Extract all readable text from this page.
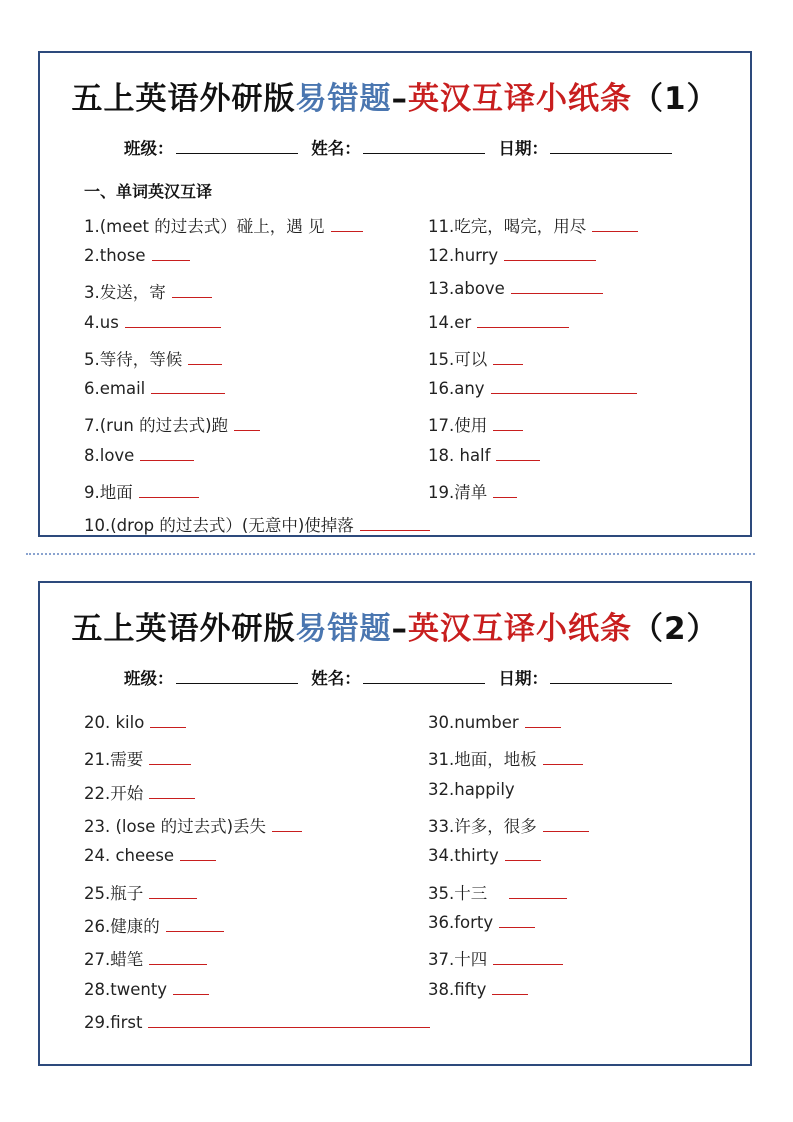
五上英语外研版易错题–英汉互译小纸条（1）
班级：	姓名：	日期：
一、单词英汉互译
1.(meet 的过去式）碰上，遇 见
2.those
3.发送，寄
4.us
5.等待，等候
6.email
7.(run 的过去式)跑
8.love
9.地面
10.(drop 的过去式）(无意中)使掉落
11.吃完，喝完，用尽
12.hurry
13.above
14.er
15.可以
16.any
17.使用
18. half
19.清单
五上英语外研版易错题–英汉互译小纸条（2）
班级：	姓名：	日期：
20. kilo
21.需要
22.开始
23. (lose 的过去式)丢失
24. cheese
25.瓶子
26.健康的
27.蜡笔
28.twenty
29.first
30.number
31.地面，地板
32.happily
33.许多，很多
34.thirty
35.十三
36.forty
37.十四
38.fifty
